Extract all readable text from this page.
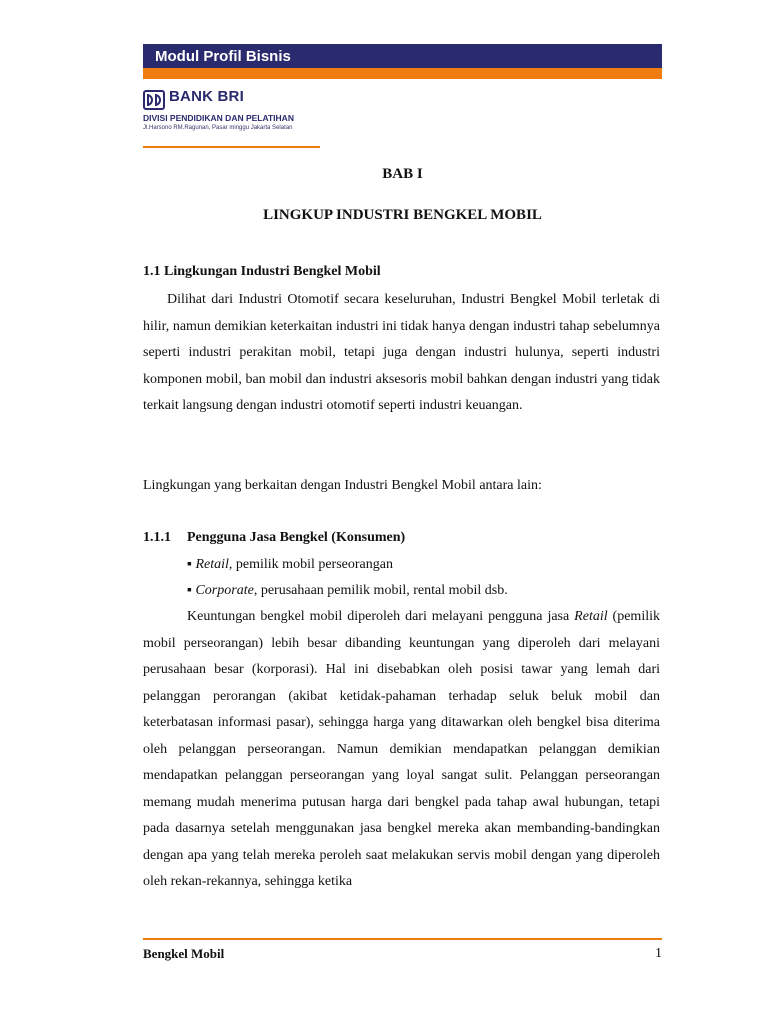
Modul Profil Bisnis
BANK BRI
DIVISI PENDIDIKAN DAN PELATIHAN
Jl.Harsono RM.Ragunan, Pasar minggu Jakarta Selatan
BAB I
LINGKUP INDUSTRI BENGKEL MOBIL
1.1 Lingkungan Industri Bengkel Mobil

Dilihat dari Industri Otomotif secara keseluruhan, Industri Bengkel Mobil terletak di hilir, namun demikian keterkaitan industri ini tidak hanya dengan industri tahap sebelumnya seperti industri perakitan mobil, tetapi juga dengan industri hulunya, seperti industri komponen mobil, ban mobil dan industri aksesoris mobil bahkan dengan industri yang tidak terkait langsung dengan industri otomotif seperti industri keuangan.

Lingkungan yang berkaitan dengan Industri Bengkel Mobil antara lain:

1.1.1 Pengguna Jasa Bengkel (Konsumen)
▪ Retail, pemilik mobil perseorangan
▪ Corporate, perusahaan pemilik mobil, rental mobil dsb.

Keuntungan bengkel mobil diperoleh dari melayani pengguna jasa Retail (pemilik mobil perseorangan) lebih besar dibanding keuntungan yang diperoleh dari melayani perusahaan besar (korporasi). Hal ini disebabkan oleh posisi tawar yang lemah dari pelanggan perorangan (akibat ketidak-pahaman terhadap seluk beluk mobil dan keterbatasan informasi pasar), sehingga harga yang ditawarkan oleh bengkel bisa diterima oleh pelanggan perseorangan. Namun demikian mendapatkan pelanggan demikian mendapatkan pelanggan perseorangan yang loyal sangat sulit. Pelanggan perseorangan memang mudah menerima putusan harga dari bengkel pada tahap awal hubungan, tetapi pada dasarnya setelah menggunakan jasa bengkel mereka akan membanding-bandingkan dengan apa yang telah mereka peroleh saat melakukan servis mobil dengan yang diperoleh oleh rekan-rekannya, sehingga ketika

Bengkel Mobil	1
